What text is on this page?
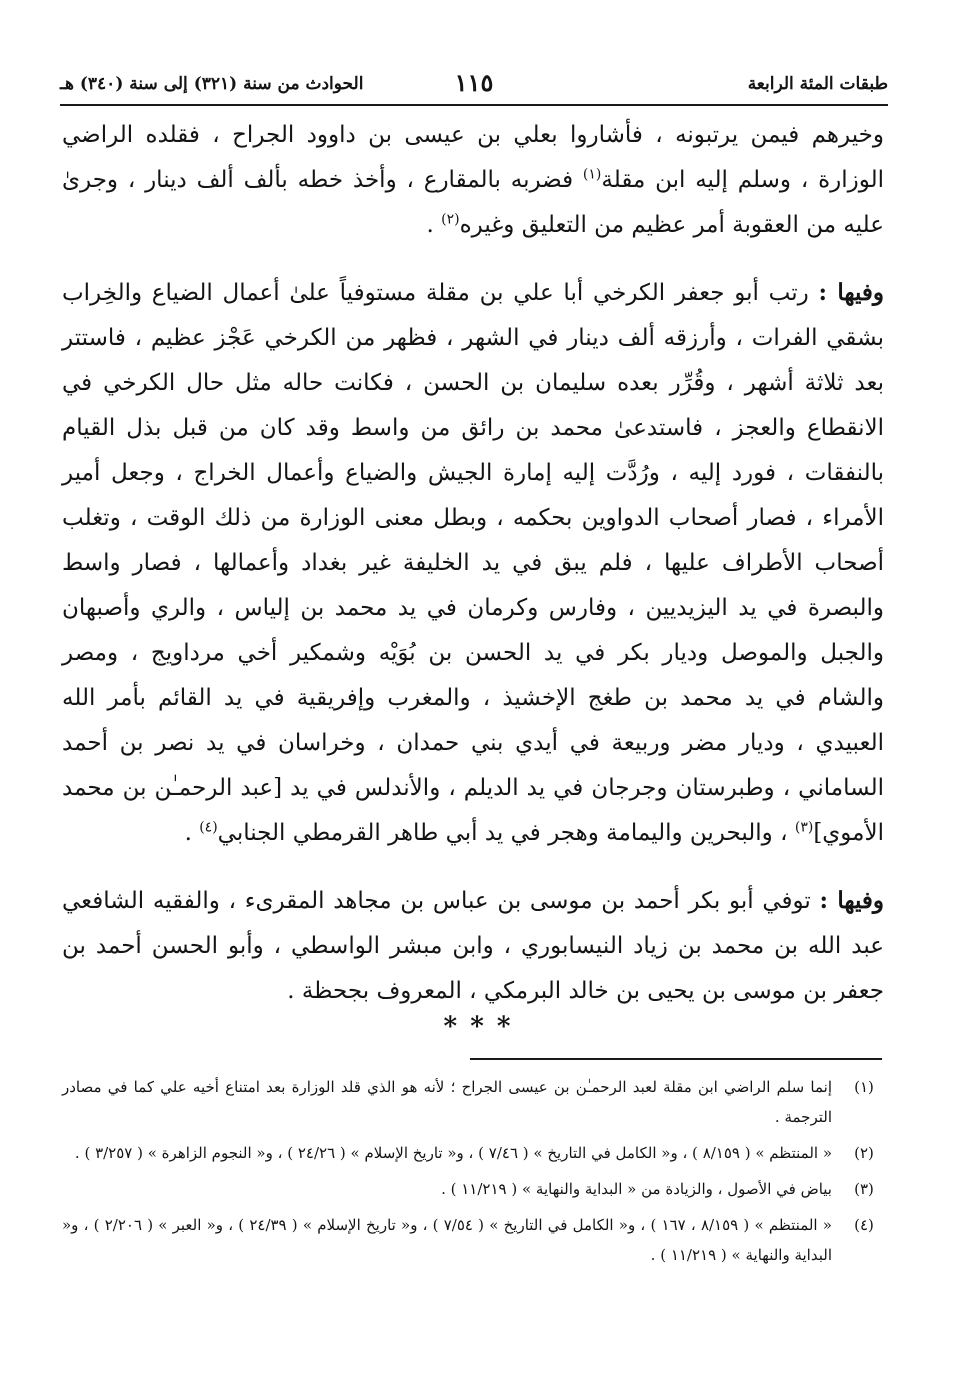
طبقات المئة الرابعة
١١٥
الحوادث من سنة (٣٢١) إلى سنة (٣٤٠) هـ

وخيرهم فيمن يرتبونه ، فأشاروا بعلي بن عيسى بن داوود الجراح ، فقلده الراضي الوزارة ، وسلم إليه ابن مقلة$^{(١)}$ فضربه بالمقارع ، وأخذ خطه بألف ألف دينار ، وجرىٰ عليه من العقوبة أمر عظيم من التعليق وغيره$^{(٢)}$ .

وفيها : رتب أبو جعفر الكرخي أبا علي بن مقلة مستوفياً علىٰ أعمال الضياع والخِراب بشقي الفرات ، وأرزقه ألف دينار في الشهر ، فظهر من الكرخي عَجْز عظيم ، فاستتر بعد ثلاثة أشهر ، وقُرِّر بعده سليمان بن الحسن ، فكانت حاله مثل حال الكرخي في الانقطاع والعجز ، فاستدعىٰ محمد بن رائق من واسط وقد كان من قبل بذل القيام بالنفقات ، فورد إليه ، ورُدَّت إليه إمارة الجيش والضياع وأعمال الخراج ، وجعل أمير الأمراء ، فصار أصحاب الدواوين بحكمه ، وبطل معنى الوزارة من ذلك الوقت ، وتغلب أصحاب الأطراف عليها ، فلم يبق في يد الخليفة غير بغداد وأعمالها ، فصار واسط والبصرة في يد اليزيديين ، وفارس وكرمان في يد محمد بن إلياس ، والري وأصبهان والجبل والموصل وديار بكر في يد الحسن بن بُوَيْه وشمكير أخي مرداويج ، ومصر والشام في يد محمد بن طغج الإخشيذ ، والمغرب وإفريقية في يد القائم بأمر الله العبيدي ، وديار مضر وربيعة في أيدي بني حمدان ، وخراسان في يد نصر بن أحمد الساماني ، وطبرستان وجرجان في يد الديلم ، والأندلس في يد [عبد الرحمـٰن بن محمد الأموي]$^{(٣)}$ ، والبحرين واليمامة وهجر في يد أبي طاهر القرمطي الجنابي$^{(٤)}$ .

وفيها : توفي أبو بكر أحمد بن موسى بن عباس بن مجاهد المقرىء ، والفقيه الشافعي عبد الله بن محمد بن زياد النيسابوري ، وابن مبشر الواسطي ، وأبو الحسن أحمد بن جعفر بن موسى بن يحيى بن خالد البرمكي ، المعروف بجحظة .

* * *
(١)
إنما سلم الراضي ابن مقلة لعبد الرحمـٰن بن عيسى الجراح ؛ لأنه هو الذي قلد الوزارة بعد امتناع أخيه علي كما في مصادر الترجمة .
(٢)
« المنتظم » ( ٨/١٥٩ ) ، و« الكامل في التاريخ » ( ٧/٤٦ ) ، و« تاريخ الإسلام » ( ٢٤/٢٦ ) ، و« النجوم الزاهرة » ( ٣/٢٥٧ ) .
(٣)
بياض في الأصول ، والزيادة من « البداية والنهاية » ( ١١/٢١٩ ) .
(٤)
« المنتظم » ( ٨/١٥٩ ، ١٦٧ ) ، و« الكامل في التاريخ » ( ٧/٥٤ ) ، و« تاريخ الإسلام » ( ٢٤/٣٩ ) ، و« العبر » ( ٢/٢٠٦ ) ، و« البداية والنهاية » ( ١١/٢١٩ ) .
